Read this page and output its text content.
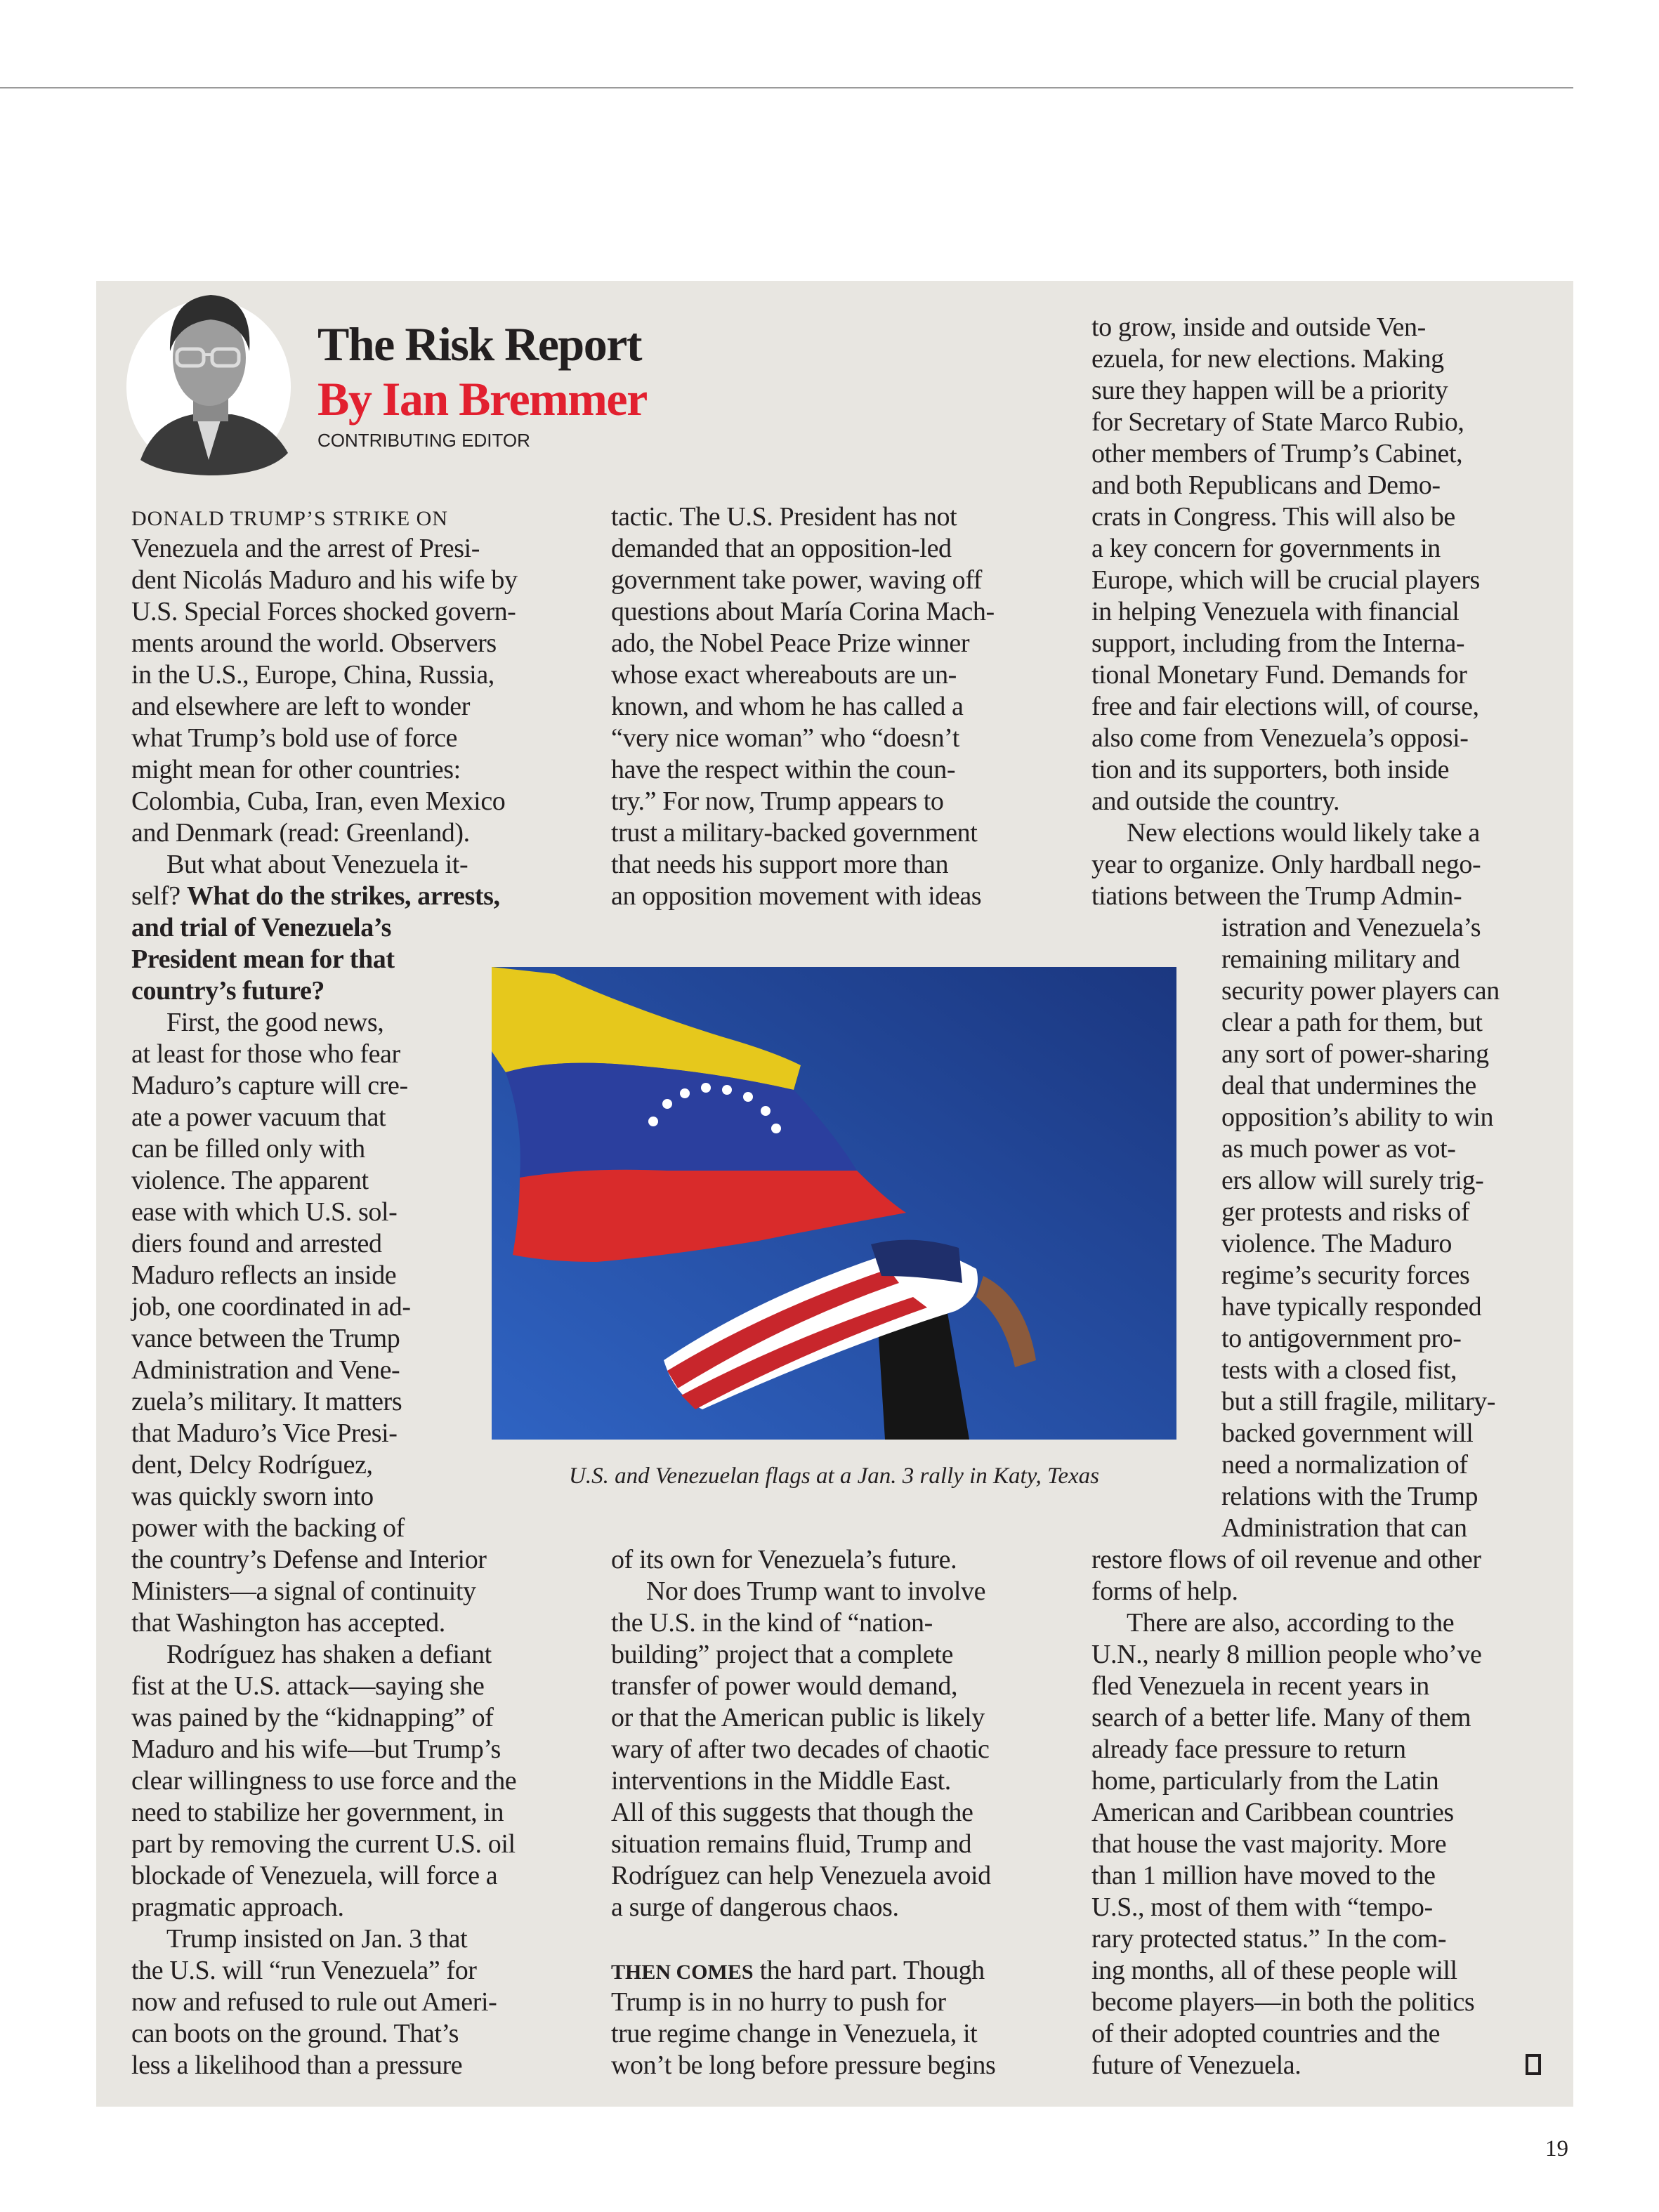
The Risk Report
By Ian Bremmer
CONTRIBUTING EDITOR
DONALD TRUMP’S STRIKE ON
Venezuela and the arrest of Presi-
dent Nicolás Maduro and his wife by
U.S. Special Forces shocked govern-
ments around the world. Observers
in the U.S., Europe, China, Russia,
and elsewhere are left to wonder
what Trump’s bold use of force
might mean for other countries:
Colombia, Cuba, Iran, even Mexico
and Denmark (read: Greenland).
But what about Venezuela it-
self? What do the strikes, arrests,
and trial of Venezuela’s
President mean for that
country’s future?
First, the good news,
at least for those who fear
Maduro’s capture will cre-
ate a power vacuum that
can be filled only with
violence. The apparent
ease with which U.S. sol-
diers found and arrested
Maduro reflects an inside
job, one coordinated in ad-
vance between the Trump
Administration and Vene-
zuela’s military. It matters
that Maduro’s Vice Presi-
dent, Delcy Rodríguez,
was quickly sworn into
power with the backing of
the country’s Defense and Interior
Ministers—a signal of continuity
that Washington has accepted.
Rodríguez has shaken a defiant
fist at the U.S. attack—saying she
was pained by the “kidnapping” of
Maduro and his wife—but Trump’s
clear willingness to use force and the
need to stabilize her government, in
part by removing the current U.S. oil
blockade of Venezuela, will force a
pragmatic approach.
Trump insisted on Jan. 3 that
the U.S. will “run Venezuela” for
now and refused to rule out Ameri-
can boots on the ground. That’s
less a likelihood than a pressure
tactic. The U.S. President has not
demanded that an opposition-led
government take power, waving off
questions about María Corina Mach-
ado, the Nobel Peace Prize winner
whose exact whereabouts are un-
known, and whom he has called a
“very nice woman” who “doesn’t
have the respect within the coun-
try.” For now, Trump appears to
trust a military-backed government
that needs his support more than
an opposition movement with ideas
of its own for Venezuela’s future.
Nor does Trump want to involve
the U.S. in the kind of “nation-
building” project that a complete
transfer of power would demand,
or that the American public is likely
wary of after two decades of chaotic
interventions in the Middle East.
All of this suggests that though the
situation remains fluid, Trump and
Rodríguez can help Venezuela avoid
a surge of dangerous chaos.
THEN COMES the hard part. Though
Trump is in no hurry to push for
true regime change in Venezuela, it
won’t be long before pressure begins
to grow, inside and outside Ven-
ezuela, for new elections. Making
sure they happen will be a priority
for Secretary of State Marco Rubio,
other members of Trump’s Cabinet,
and both Republicans and Demo-
crats in Congress. This will also be
a key concern for governments in
Europe, which will be crucial players
in helping Venezuela with financial
support, including from the Interna-
tional Monetary Fund. Demands for
free and fair elections will, of course,
also come from Venezuela’s opposi-
tion and its supporters, both inside
and outside the country.
New elections would likely take a
year to organize. Only hardball nego-
tiations between the Trump Admin-
istration and Venezuela’s
remaining military and
security power players can
clear a path for them, but
any sort of power-sharing
deal that undermines the
opposition’s ability to win
as much power as vot-
ers allow will surely trig-
ger protests and risks of
violence. The Maduro
regime’s security forces
have typically responded
to antigovernment pro-
tests with a closed fist,
but a still fragile, military-
backed government will
need a normalization of
relations with the Trump
Administration that can
restore flows of oil revenue and other
forms of help.
There are also, according to the
U.N., nearly 8 million people who’ve
fled Venezuela in recent years in
search of a better life. Many of them
already face pressure to return
home, particularly from the Latin
American and Caribbean countries
that house the vast majority. More
than 1 million have moved to the
U.S., most of them with “tempo-
rary protected status.” In the com-
ing months, all of these people will
become players—in both the politics
of their adopted countries and the
future of Venezuela.
U.S. and Venezuelan flags at a Jan. 3 rally in Katy, Texas
19
